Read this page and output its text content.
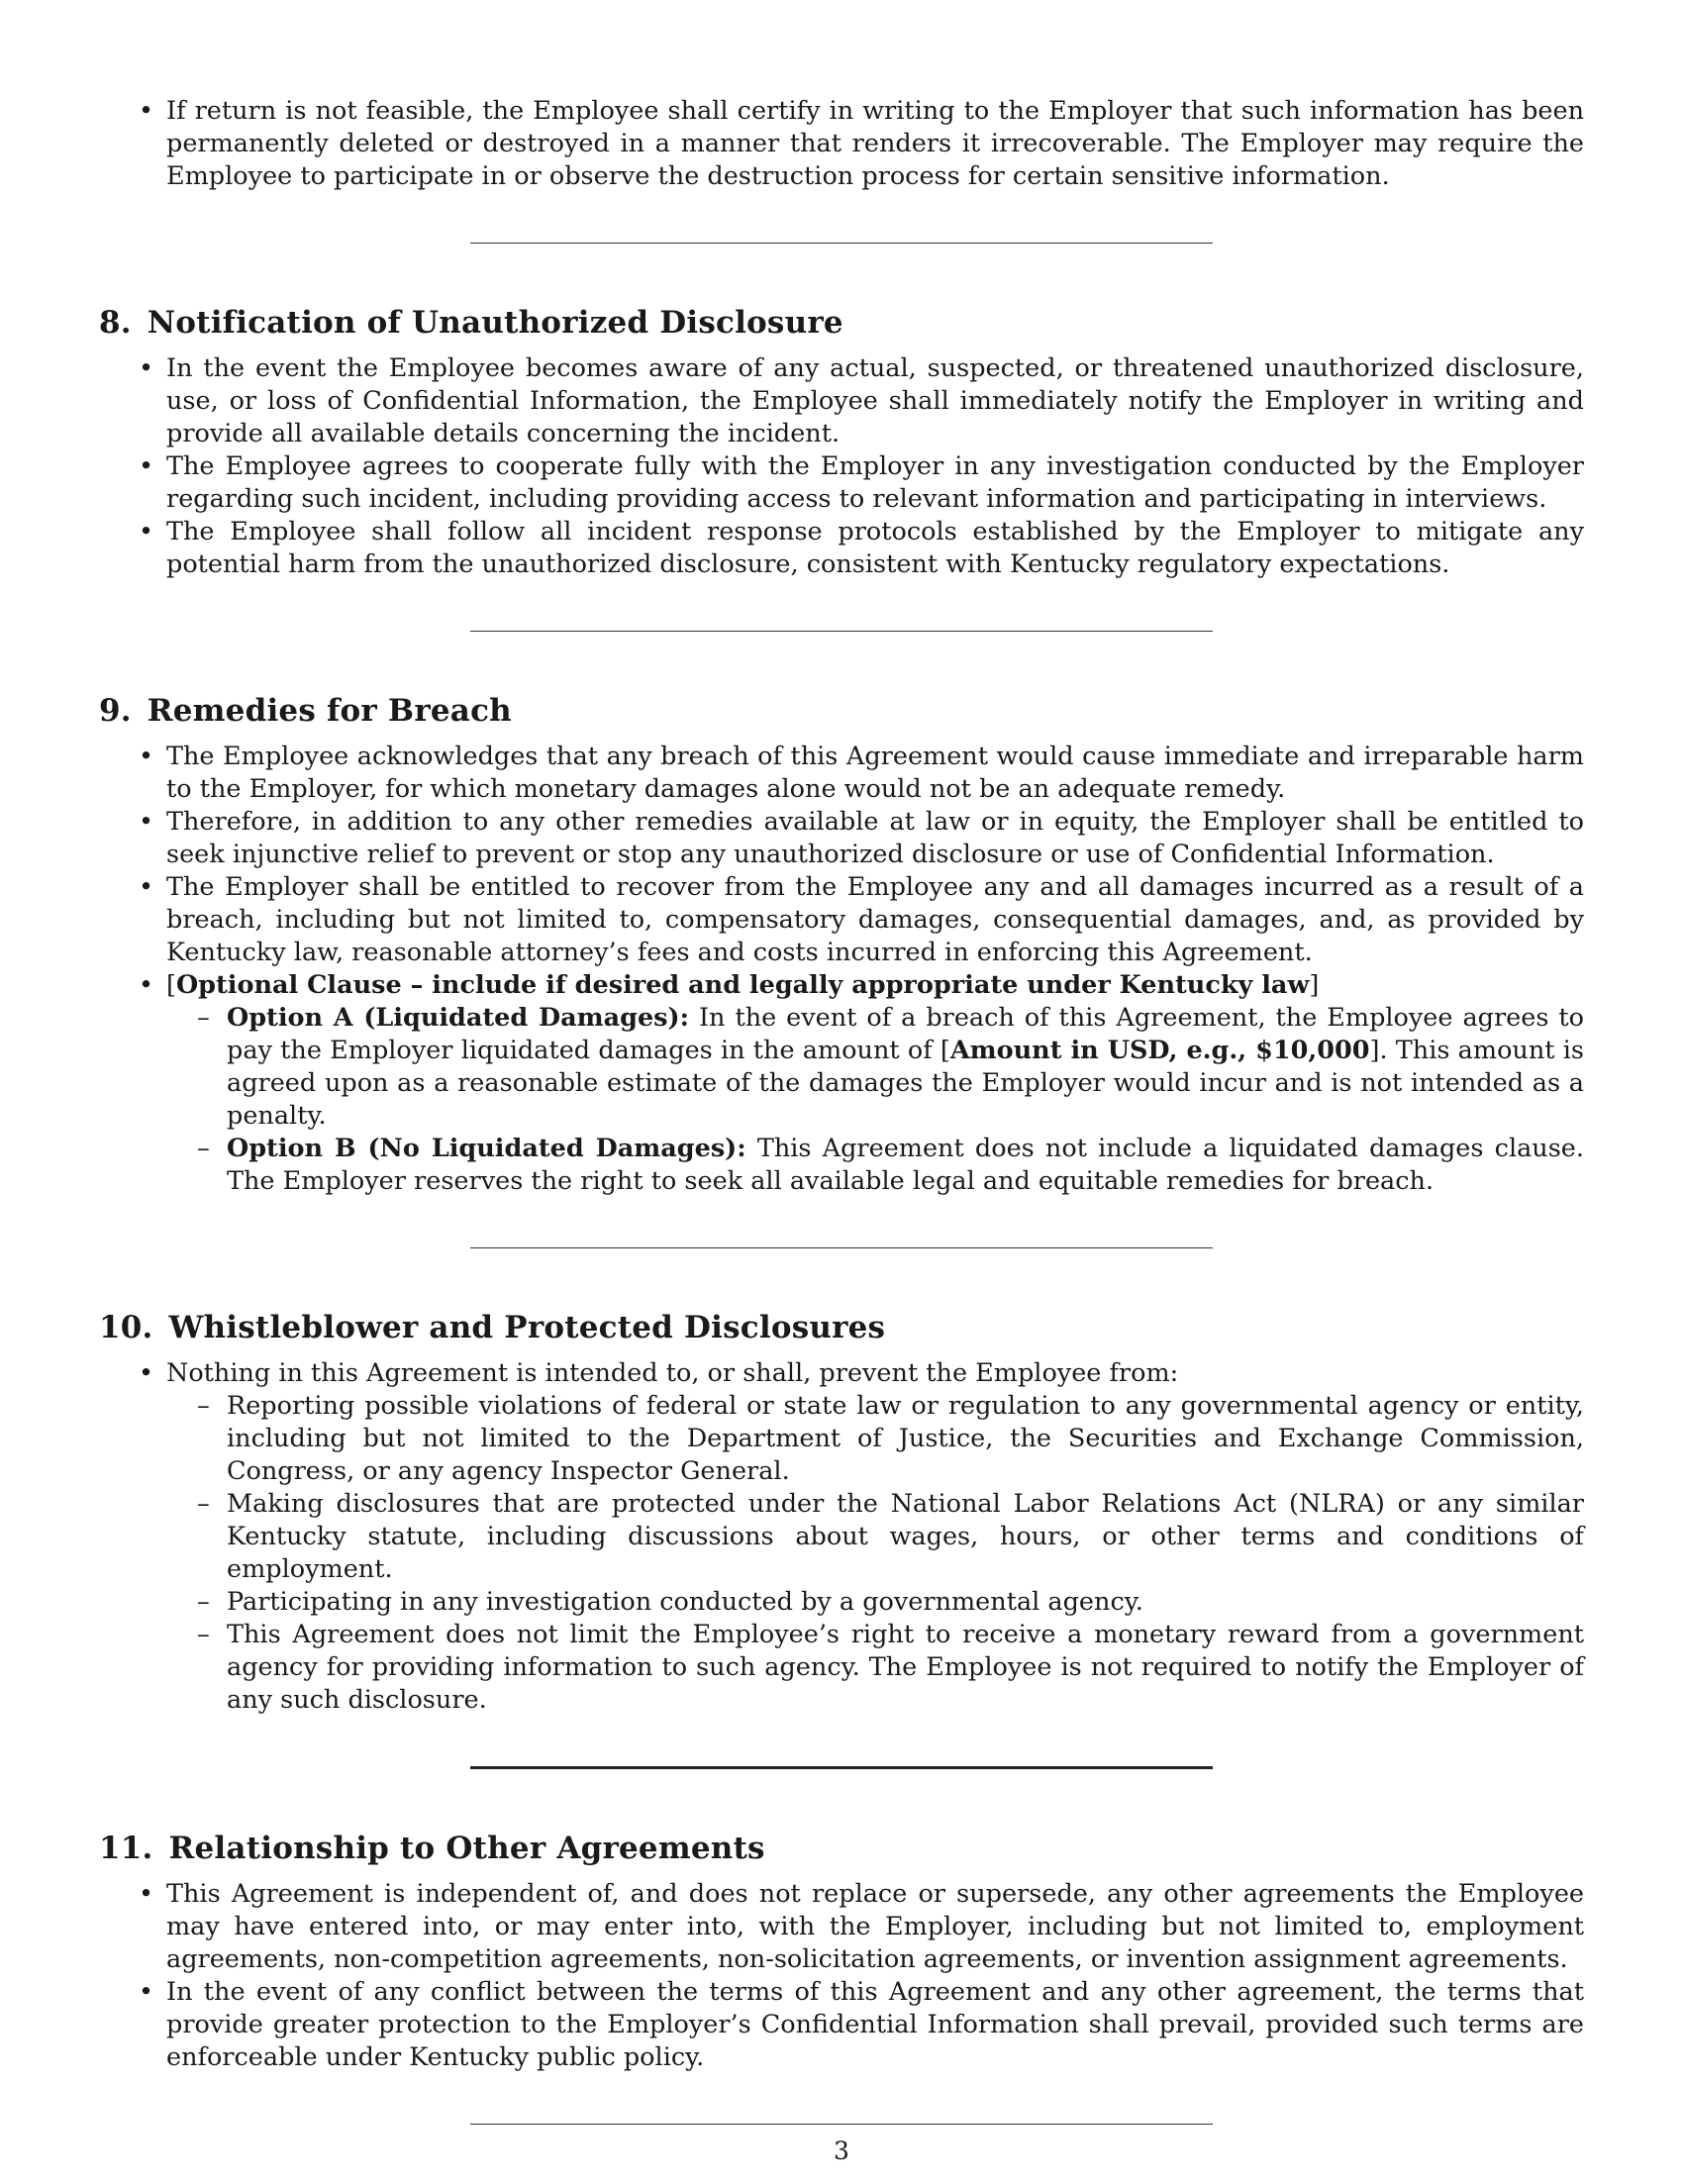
• If return is not feasible, the Employee shall certify in writing to the Employer that such information has been permanently deleted or destroyed in a manner that renders it irrecoverable. The Employer may require the Employee to participate in or observe the destruction process for certain sensitive information.
8. Notification of Unauthorized Disclosure
• In the event the Employee becomes aware of any actual, suspected, or threatened unauthorized disclosure, use, or loss of Confidential Information, the Employee shall immediately notify the Employer in writing and provide all available details concerning the incident.
• The Employee agrees to cooperate fully with the Employer in any investigation conducted by the Employer regarding such incident, including providing access to relevant information and participating in interviews.
• The Employee shall follow all incident response protocols established by the Employer to mitigate any potential harm from the unauthorized disclosure, consistent with Kentucky regulatory expectations.
9. Remedies for Breach
• The Employee acknowledges that any breach of this Agreement would cause immediate and irreparable harm to the Employer, for which monetary damages alone would not be an adequate remedy.
• Therefore, in addition to any other remedies available at law or in equity, the Employer shall be entitled to seek injunctive relief to prevent or stop any unauthorized disclosure or use of Confidential Information.
• The Employer shall be entitled to recover from the Employee any and all damages incurred as a result of a breach, including but not limited to, compensatory damages, consequential damages, and, as provided by Kentucky law, reasonable attorney’s fees and costs incurred in enforcing this Agreement.
• [Optional Clause – include if desired and legally appropriate under Kentucky law]
– Option A (Liquidated Damages): In the event of a breach of this Agreement, the Employee agrees to pay the Employer liquidated damages in the amount of [Amount in USD, e.g., $10,000]. This amount is agreed upon as a reasonable estimate of the damages the Employer would incur and is not intended as a penalty.
– Option B (No Liquidated Damages): This Agreement does not include a liquidated damages clause. The Employer reserves the right to seek all available legal and equitable remedies for breach.
10. Whistleblower and Protected Disclosures
• Nothing in this Agreement is intended to, or shall, prevent the Employee from:
– Reporting possible violations of federal or state law or regulation to any governmental agency or entity, including but not limited to the Department of Justice, the Securities and Exchange Commission, Congress, or any agency Inspector General.
– Making disclosures that are protected under the National Labor Relations Act (NLRA) or any similar Kentucky statute, including discussions about wages, hours, or other terms and conditions of employment.
– Participating in any investigation conducted by a governmental agency.
– This Agreement does not limit the Employee’s right to receive a monetary reward from a government agency for providing information to such agency. The Employee is not required to notify the Employer of any such disclosure.
11. Relationship to Other Agreements
• This Agreement is independent of, and does not replace or supersede, any other agreements the Employee may have entered into, or may enter into, with the Employer, including but not limited to, employment agreements, non-competition agreements, non-solicitation agreements, or invention assignment agreements.
• In the event of any conflict between the terms of this Agreement and any other agreement, the terms that provide greater protection to the Employer’s Confidential Information shall prevail, provided such terms are enforceable under Kentucky public policy.
3
